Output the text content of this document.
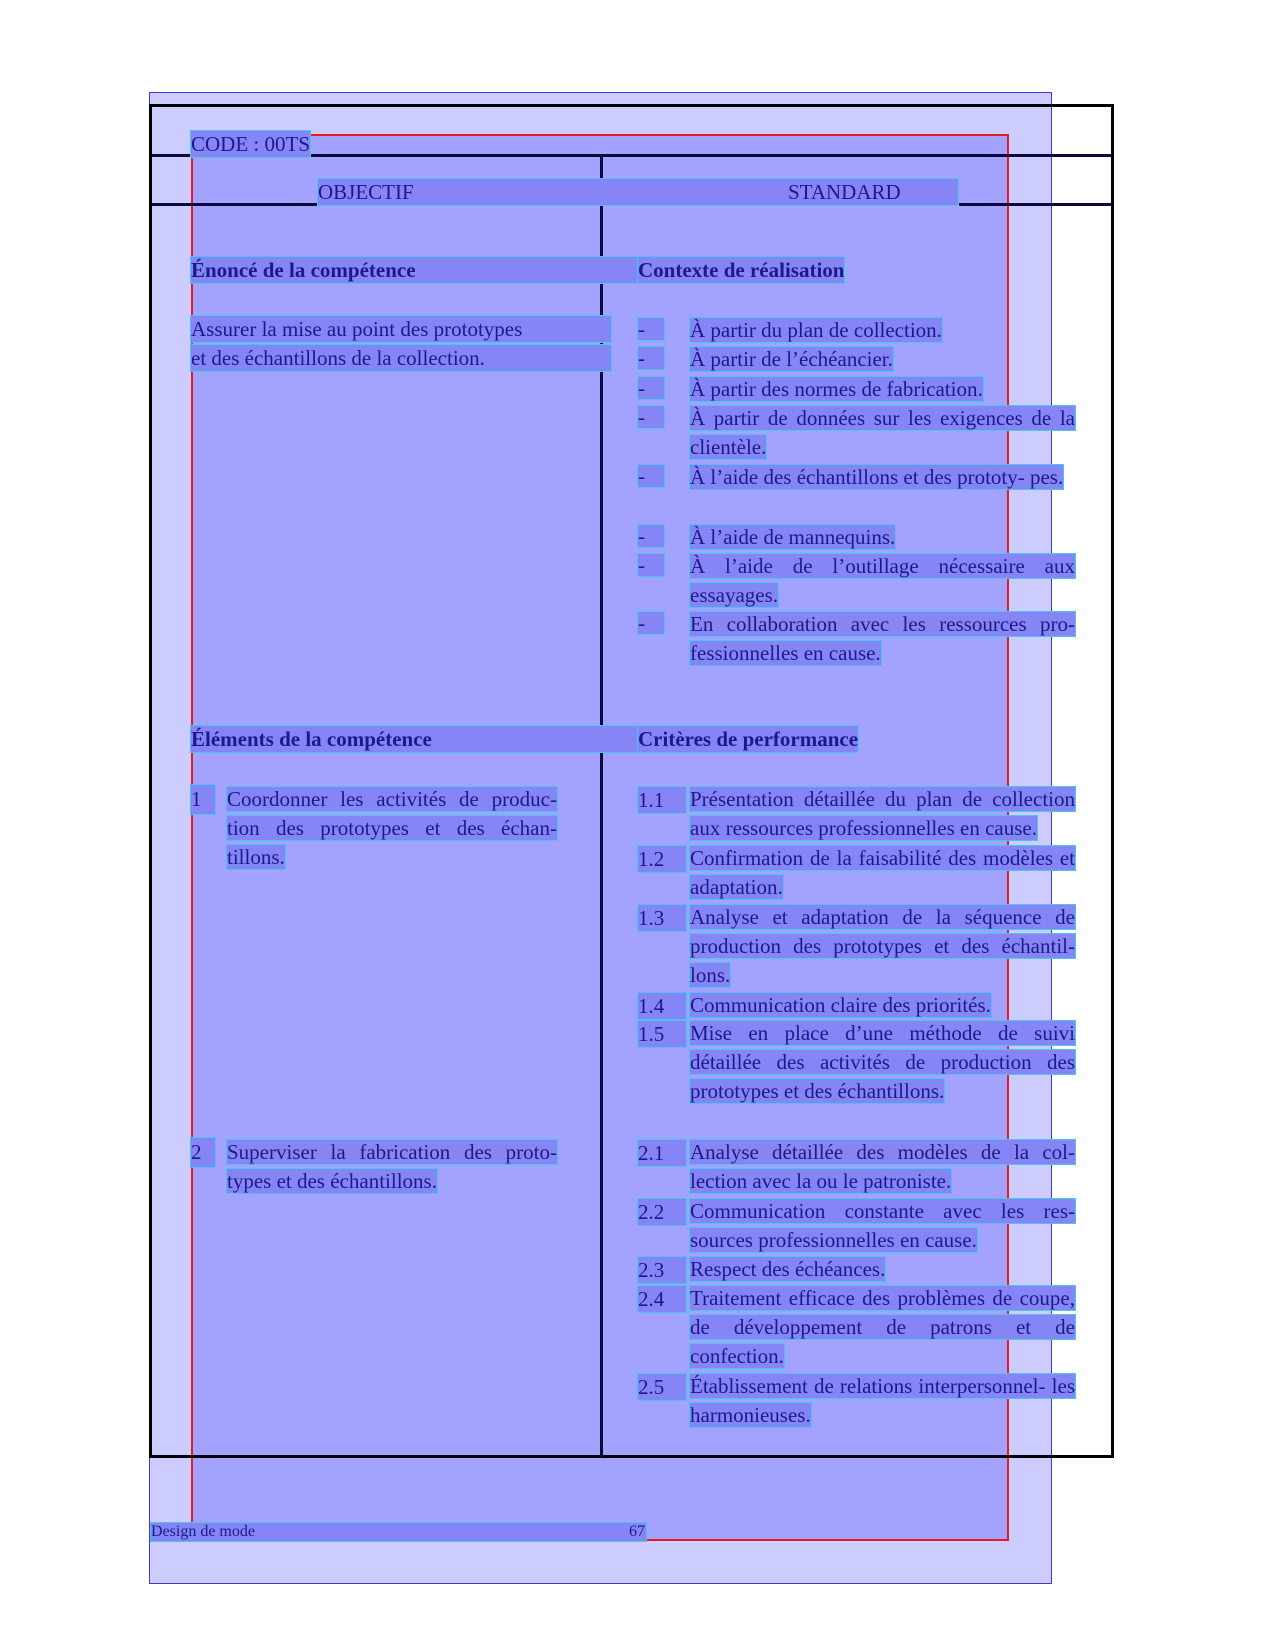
CODE : 00TS
OBJECTIF	STANDARD
Énoncé de la compétence
Assurer la mise au point des prototypes
et des échantillons de la collection.
Contexte de réalisation
-	À partir du plan de collection.
-	À partir de l’échéancier.
-	À partir des normes de fabrication.
-	À partir de données sur les exigences de la clientèle.
-	À l’aide des échantillons et des prototy- pes.
-	À l’aide de mannequins.
-	À l’aide de l’outillage nécessaire aux essayages.
-	En collaboration avec les ressources pro- fessionnelles en cause.
Éléments de la compétence
1	Coordonner les activités de produc- tion des prototypes et des échan- tillons.
2	Superviser la fabrication des proto- types et des échantillons.
Critères de performance
1.1	Présentation détaillée du plan de collection aux ressources professionnelles en cause.
1.2	Confirmation de la faisabilité des modèles et adaptation.
1.3	Analyse et adaptation de la séquence de production des prototypes et des échantil- lons.
1.4	Communication claire des priorités.
1.5	Mise en place d’une méthode de suivi détaillée des activités de production des prototypes et des échantillons.
2.1	Analyse détaillée des modèles de la col- lection avec la ou le patroniste.
2.2	Communication constante avec les res- sources professionnelles en cause.
2.3	Respect des échéances.
2.4	Traitement efficace des problèmes de coupe, de développement de patrons et de confection.
2.5	Établissement de relations interpersonnel- les harmonieuses.
Design de mode	67
